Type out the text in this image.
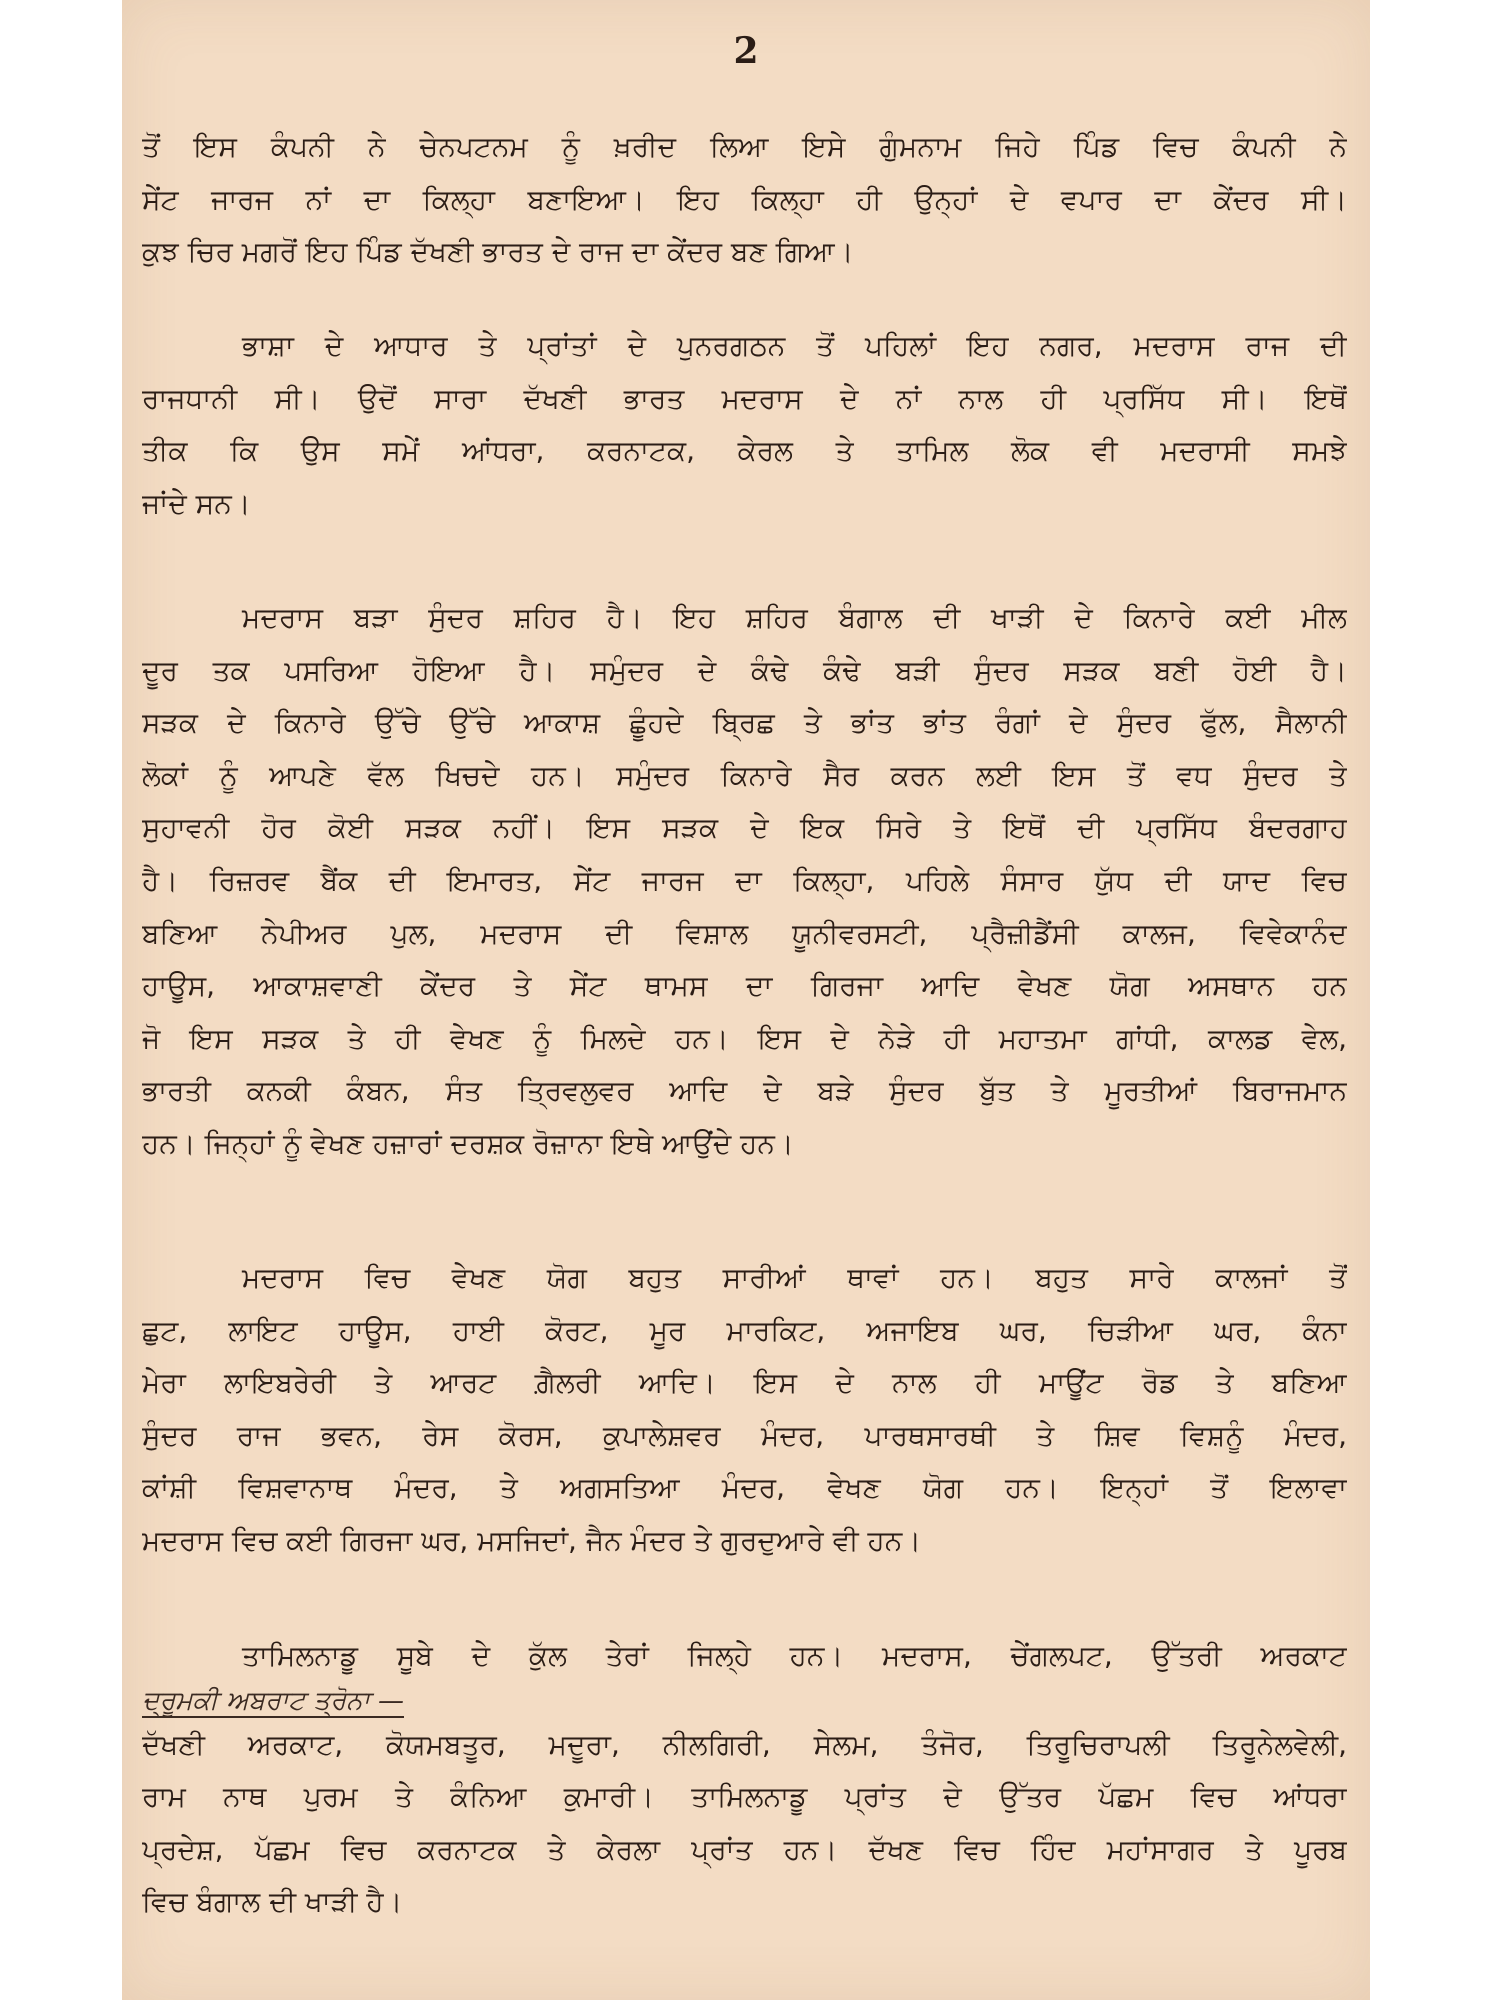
2
ਤੋਂ ਇਸ ਕੰਪਨੀ ਨੇ ਚੇਨਪਟਨਮ ਨੂੰ ਖ਼ਰੀਦ ਲਿਆ ਇਸੇ ਗੁੰਮਨਾਮ ਜਿਹੇ ਪਿੰਡ ਵਿਚ ਕੰਪਨੀ ਨੇ
ਸੇਂਟ ਜਾਰਜ ਨਾਂ ਦਾ ਕਿਲ੍ਹਾ ਬਣਾਇਆ। ਇਹ ਕਿਲ੍ਹਾ ਹੀ ਉਨ੍ਹਾਂ ਦੇ ਵਪਾਰ ਦਾ ਕੇਂਦਰ ਸੀ।
ਕੁਝ ਚਿਰ ਮਗਰੋਂ ਇਹ ਪਿੰਡ ਦੱਖਣੀ ਭਾਰਤ ਦੇ ਰਾਜ ਦਾ ਕੇਂਦਰ ਬਣ ਗਿਆ।
ਭਾਸ਼ਾ ਦੇ ਆਧਾਰ ਤੇ ਪ੍ਰਾਂਤਾਂ ਦੇ ਪੁਨਰਗਠਨ ਤੋਂ ਪਹਿਲਾਂ ਇਹ ਨਗਰ, ਮਦਰਾਸ ਰਾਜ ਦੀ
ਰਾਜਧਾਨੀ ਸੀ। ਉਦੋਂ ਸਾਰਾ ਦੱਖਣੀ ਭਾਰਤ ਮਦਰਾਸ ਦੇ ਨਾਂ ਨਾਲ ਹੀ ਪ੍ਰਸਿੱਧ ਸੀ। ਇਥੋਂ
ਤੀਕ ਕਿ ਉਸ ਸਮੇਂ ਆਂਧਰਾ, ਕਰਨਾਟਕ, ਕੇਰਲ ਤੇ ਤਾਮਿਲ ਲੋਕ ਵੀ ਮਦਰਾਸੀ ਸਮਝੇ
ਜਾਂਦੇ ਸਨ।
ਮਦਰਾਸ ਬੜਾ ਸੁੰਦਰ ਸ਼ਹਿਰ ਹੈ। ਇਹ ਸ਼ਹਿਰ ਬੰਗਾਲ ਦੀ ਖਾੜੀ ਦੇ ਕਿਨਾਰੇ ਕਈ ਮੀਲ
ਦੂਰ ਤਕ ਪਸਰਿਆ ਹੋਇਆ ਹੈ। ਸਮੁੰਦਰ ਦੇ ਕੰਢੇ ਕੰਢੇ ਬੜੀ ਸੁੰਦਰ ਸੜਕ ਬਣੀ ਹੋਈ ਹੈ।
ਸੜਕ ਦੇ ਕਿਨਾਰੇ ਉੱਚੇ ਉੱਚੇ ਆਕਾਸ਼ ਛੂੰਹਦੇ ਬ੍ਰਿਛ ਤੇ ਭਾਂਤ ਭਾਂਤ ਰੰਗਾਂ ਦੇ ਸੁੰਦਰ ਫੁੱਲ, ਸੈਲਾਨੀ
ਲੋਕਾਂ ਨੂੰ ਆਪਣੇ ਵੱਲ ਖਿਚਦੇ ਹਨ। ਸਮੁੰਦਰ ਕਿਨਾਰੇ ਸੈਰ ਕਰਨ ਲਈ ਇਸ ਤੋਂ ਵਧ ਸੁੰਦਰ ਤੇ
ਸੁਹਾਵਨੀ ਹੋਰ ਕੋਈ ਸੜਕ ਨਹੀਂ। ਇਸ ਸੜਕ ਦੇ ਇਕ ਸਿਰੇ ਤੇ ਇਥੋਂ ਦੀ ਪ੍ਰਸਿੱਧ ਬੰਦਰਗਾਹ
ਹੈ। ਰਿਜ਼ਰਵ ਬੈਂਕ ਦੀ ਇਮਾਰਤ, ਸੇਂਟ ਜਾਰਜ ਦਾ ਕਿਲ੍ਹਾ, ਪਹਿਲੇ ਸੰਸਾਰ ਯੁੱਧ ਦੀ ਯਾਦ ਵਿਚ
ਬਣਿਆ ਨੇਪੀਅਰ ਪੁਲ, ਮਦਰਾਸ ਦੀ ਵਿਸ਼ਾਲ ਯੂਨੀਵਰਸਟੀ, ਪ੍ਰੈਜ਼ੀਡੈਂਸੀ ਕਾਲਜ, ਵਿਵੇਕਾਨੰਦ
ਹਾਊਸ, ਆਕਾਸ਼ਵਾਣੀ ਕੇਂਦਰ ਤੇ ਸੇਂਟ ਥਾਮਸ ਦਾ ਗਿਰਜਾ ਆਦਿ ਵੇਖਣ ਯੋਗ ਅਸਥਾਨ ਹਨ
ਜੋ ਇਸ ਸੜਕ ਤੇ ਹੀ ਵੇਖਣ ਨੂੰ ਮਿਲਦੇ ਹਨ। ਇਸ ਦੇ ਨੇੜੇ ਹੀ ਮਹਾਤਮਾ ਗਾਂਧੀ, ਕਾਲਡ ਵੇਲ,
ਭਾਰਤੀ ਕਨਕੀ ਕੰਬਨ, ਸੰਤ ਤ੍ਰਿਵਲੁਵਰ ਆਦਿ ਦੇ ਬੜੇ ਸੁੰਦਰ ਬੁੱਤ ਤੇ ਮੂਰਤੀਆਂ ਬਿਰਾਜਮਾਨ
ਹਨ। ਜਿਨ੍ਹਾਂ ਨੂੰ ਵੇਖਣ ਹਜ਼ਾਰਾਂ ਦਰਸ਼ਕ ਰੋਜ਼ਾਨਾ ਇਥੇ ਆਉਂਦੇ ਹਨ।
ਮਦਰਾਸ ਵਿਚ ਵੇਖਣ ਯੋਗ ਬਹੁਤ ਸਾਰੀਆਂ ਥਾਵਾਂ ਹਨ। ਬਹੁਤ ਸਾਰੇ ਕਾਲਜਾਂ ਤੋਂ
ਛੁਟ, ਲਾਇਟ ਹਾਊਸ, ਹਾਈ ਕੋਰਟ, ਮੂਰ ਮਾਰਕਿਟ, ਅਜਾਇਬ ਘਰ, ਚਿੜੀਆ ਘਰ, ਕੰਨਾ
ਮੇਰਾ ਲਾਇਬਰੇਰੀ ਤੇ ਆਰਟ ਗ਼ੈਲਰੀ ਆਦਿ। ਇਸ ਦੇ ਨਾਲ ਹੀ ਮਾਊਂਟ ਰੋਡ ਤੇ ਬਣਿਆ
ਸੁੰਦਰ ਰਾਜ ਭਵਨ, ਰੇਸ ਕੋਰਸ, ਕੁਪਾਲੇਸ਼ਵਰ ਮੰਦਰ, ਪਾਰਥਸਾਰਥੀ ਤੇ ਸ਼ਿਵ ਵਿਸ਼ਨੂੰ ਮੰਦਰ,
ਕਾਂਸ਼ੀ ਵਿਸ਼ਵਾਨਾਥ ਮੰਦਰ, ਤੇ ਅਗਸਤਿਆ ਮੰਦਰ, ਵੇਖਣ ਯੋਗ ਹਨ। ਇਨ੍ਹਾਂ ਤੋਂ ਇਲਾਵਾ
ਮਦਰਾਸ ਵਿਚ ਕਈ ਗਿਰਜਾ ਘਰ, ਮਸਜਿਦਾਂ, ਜੈਨ ਮੰਦਰ ਤੇ ਗੁਰਦੁਆਰੇ ਵੀ ਹਨ।
ਤਾਮਿਲਨਾਡੂ ਸੂਬੇ ਦੇ ਕੁੱਲ ਤੇਰਾਂ ਜਿਲ੍ਹੇ ਹਨ। ਮਦਰਾਸ, ਚੇਂਗਲਪਟ, ਉੱਤਰੀ ਅਰਕਾਟ
ਦ੍ਰੂਮਕੀ ਅਬਰਾਟ ਤ੍ਰੋਨਾ —
ਦੱਖਣੀ ਅਰਕਾਟ, ਕੋਯਮਬਤੂਰ, ਮਦੂਰਾ, ਨੀਲਗਿਰੀ, ਸੇਲਮ, ਤੰਜੋਰ, ਤਿਰੂਚਿਰਾਪਲੀ ਤਿਰੂਨੇਲਵੇਲੀ,
ਰਾਮ ਨਾਥ ਪੁਰਮ ਤੇ ਕੰਨਿਆ ਕੁਮਾਰੀ। ਤਾਮਿਲਨਾਡੂ ਪ੍ਰਾਂਤ ਦੇ ਉੱਤਰ ਪੱਛਮ ਵਿਚ ਆਂਧਰਾ
ਪ੍ਰਦੇਸ਼, ਪੱਛਮ ਵਿਚ ਕਰਨਾਟਕ ਤੇ ਕੇਰਲਾ ਪ੍ਰਾਂਤ ਹਨ। ਦੱਖਣ ਵਿਚ ਹਿੰਦ ਮਹਾਂਸਾਗਰ ਤੇ ਪੂਰਬ
ਵਿਚ ਬੰਗਾਲ ਦੀ ਖਾੜੀ ਹੈ।
